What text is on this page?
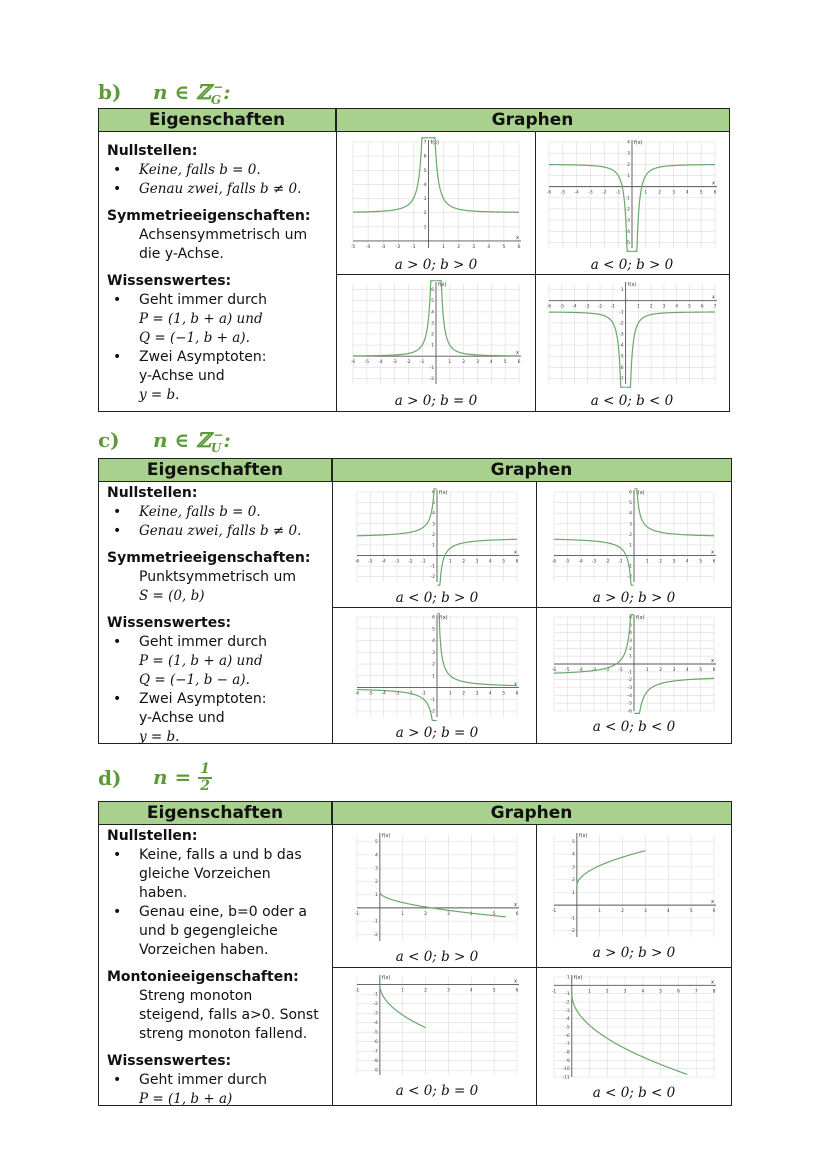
b) n ∈ ℤ$_G$−:
Eigenschaften	Graphen
Nullstellen:
• Keine, falls b = 0.
• Genau zwei, falls b ≠ 0.
Symmetrieeigenschaften:
Achsensymmetrisch um
die y-Achse.
Wissenswertes:
• Geht immer durch
P = (1, b + a) und
Q = (−1, b + a).
• Zwei Asymptoten:
y-Achse und
y = b.
-5 -4 -3 -2 -1	1	2	3	4	5	6
1
2
3
4
5
6
7 f(x)
x
a > 0; b > 0
-6 -5 -4 -3 -2 -1	1 2 3 4 5 6
-5
-4
-3
-2
-1
1
2
3
4 f(x)
x
a < 0; b > 0
-6 -5 -4 -3 -2 -1	1 2 3 4 5 6
-2
-1
1
2
3
4
5
6
f(x)
x
a > 0; b = 0
-6 -5 -4 -3 -2 -1	1 2 3 4 5 6 7
-7
-6
-5
-4
-3
-2
-1
1
f(x)
x
a < 0; b < 0
c) n ∈ ℤ$_U$−:
Eigenschaften	Graphen
Nullstellen:
• Keine, falls b = 0.
• Genau zwei, falls b ≠ 0.
Symmetrieeigenschaften:
Punktsymmetrisch um
S = (0, b)
Wissenswertes:
• Geht immer durch
P = (1, b + a) und
Q = (−1, b − a).
• Zwei Asymptoten:
y-Achse und
y = b.
-6 -5 -4 -3 -2 -1	1 2 3 4 5 6
-2
-1
1
2
3
4
5
6 f(x)
x
a < 0; b > 0
-6 -5 -4 -3 -2 -1	1 2 3 4 5 6
-2
-1
1
2
3
4
5
6 f(x)
x
a > 0; b > 0
-6 -5 -4 -3 -2 -1	1 2 3 4 5 6
-2
-1
1
2
3
4
5
6 f(x)
x
a > 0; b = 0
-6 -5 -4 -3 -2 -1	1 2 3 4 5 6
-6
-5
-4
-3
-2
-1
1
2
3
4
5
6 f(x)
x
a < 0; b < 0
d) $n = \frac{1}{2}$
Eigenschaften	Graphen
Nullstellen:
• Keine, falls a und b das
gleiche Vorzeichen
haben.
• Genau eine, b=0 oder a
und b gegengleiche
Vorzeichen haben.
Montonieeigenschaften:
Streng monoton
steigend, falls a>0. Sonst
streng monoton fallend.
Wissenswertes:
• Geht immer durch
P = (1, b + a)
-1	1	2	3	4	5	6
-2
-1
1
2
3
4
5
f(x)
x
a < 0; b > 0
-1	1	2	3	4	5	6
-2
-1
1
2
3
4
5
f(x)
x
a > 0; b > 0
-1	1	2	3	4	5	6
-9
-8
-7
-6
-5
-4
-3
-2
-1
f(x)
x
a < 0; b = 0
-1	1	2	3	4	5	6	7	8
-11
-10
-9
-8
-7
-6
-5
-4
-3
-2
-1
1 f(x)
x
a < 0; b < 0
